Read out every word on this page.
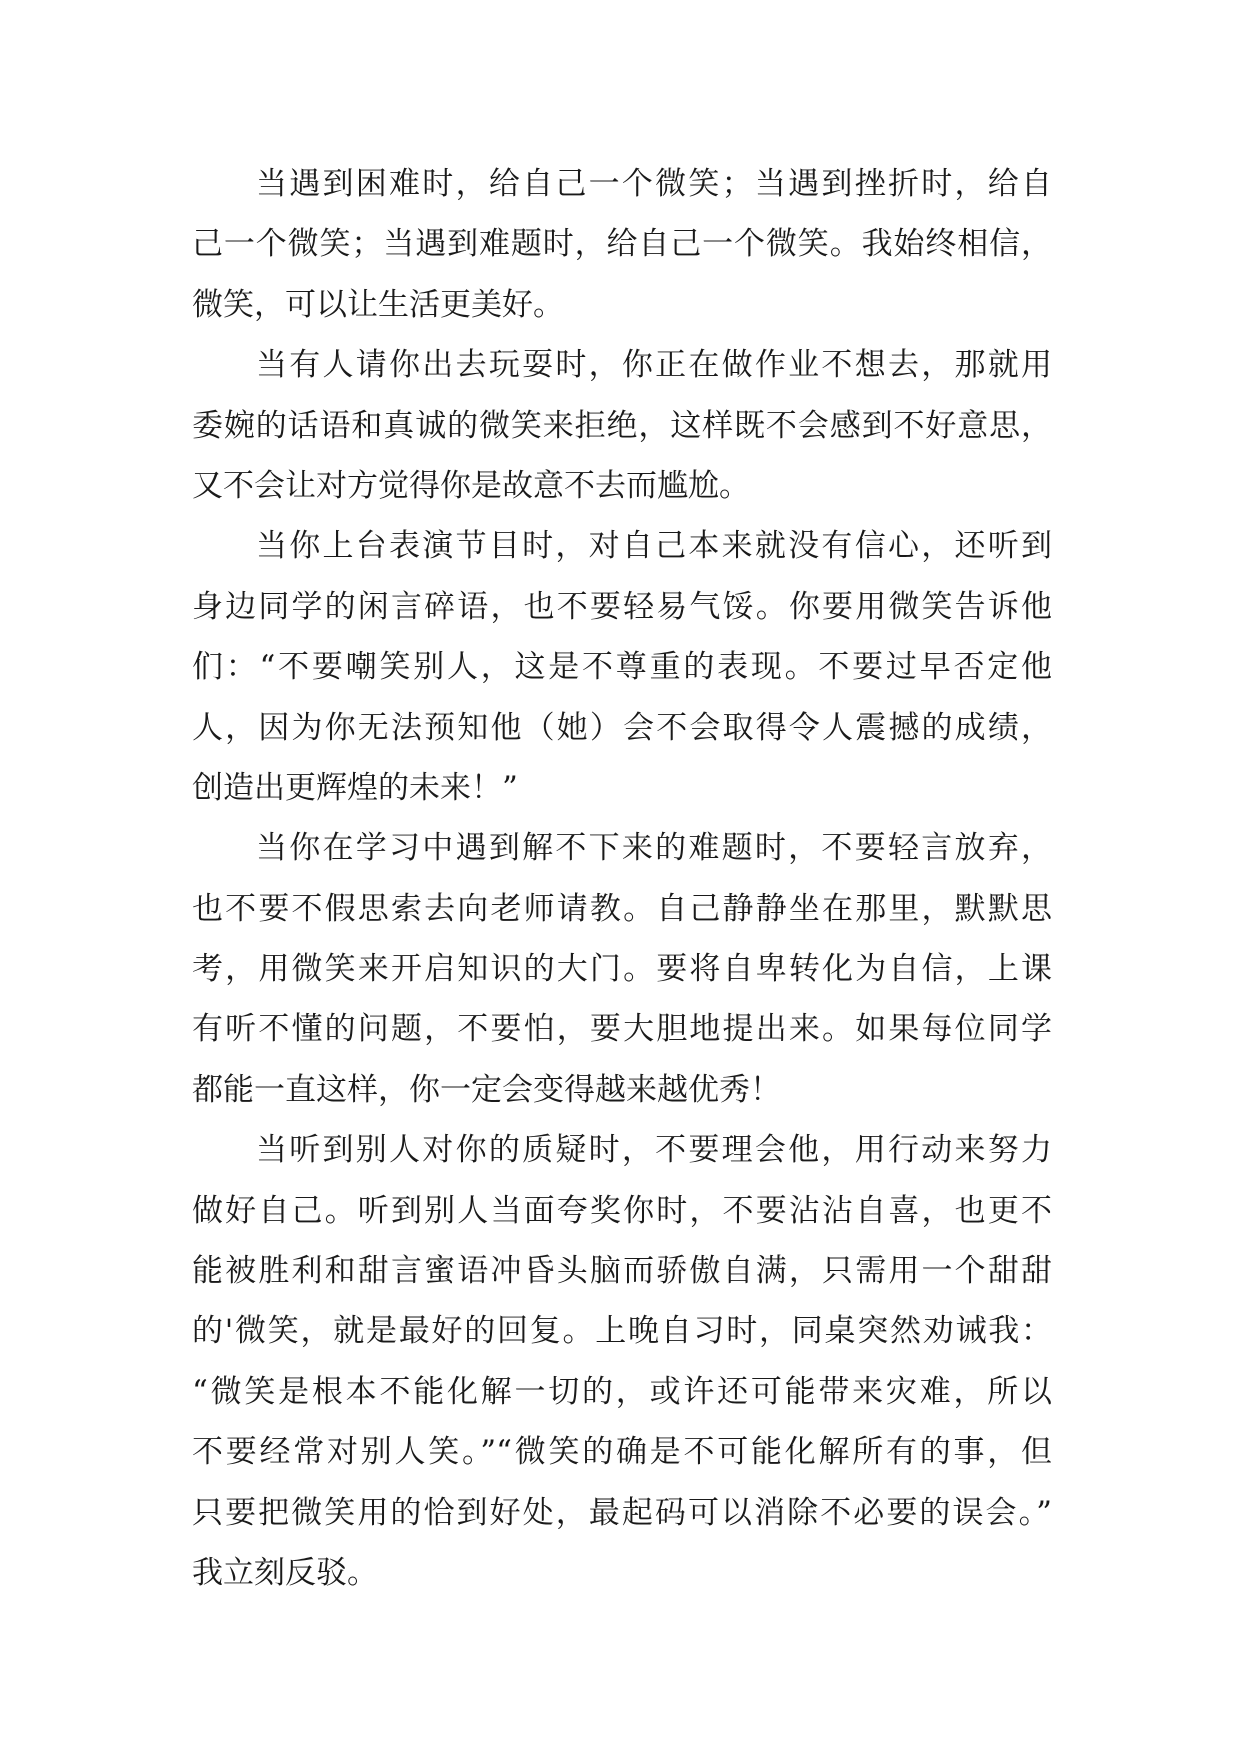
当遇到困难时，给自己一个微笑；当遇到挫折时，给自
己一个微笑；当遇到难题时，给自己一个微笑。我始终相信，
微笑，可以让生活更美好。
当有人请你出去玩耍时，你正在做作业不想去，那就用
委婉的话语和真诚的微笑来拒绝，这样既不会感到不好意思，
又不会让对方觉得你是故意不去而尴尬。
当你上台表演节目时，对自己本来就没有信心，还听到
身边同学的闲言碎语，也不要轻易气馁。你要用微笑告诉他
们：“不要嘲笑别人，这是不尊重的表现。不要过早否定他
人，因为你无法预知他（她）会不会取得令人震撼的成绩，
创造出更辉煌的未来！”
当你在学习中遇到解不下来的难题时，不要轻言放弃，
也不要不假思索去向老师请教。自己静静坐在那里，默默思
考，用微笑来开启知识的大门。要将自卑转化为自信，上课
有听不懂的问题，不要怕，要大胆地提出来。如果每位同学
都能一直这样，你一定会变得越来越优秀！
当听到别人对你的质疑时，不要理会他，用行动来努力
做好自己。听到别人当面夸奖你时，不要沾沾自喜，也更不
能被胜利和甜言蜜语冲昏头脑而骄傲自满，只需用一个甜甜
的'微笑，就是最好的回复。上晚自习时，同桌突然劝诫我：
“微笑是根本不能化解一切的，或许还可能带来灾难，所以
不要经常对别人笑。”“微笑的确是不可能化解所有的事，但
只要把微笑用的恰到好处，最起码可以消除不必要的误会。”
我立刻反驳。
